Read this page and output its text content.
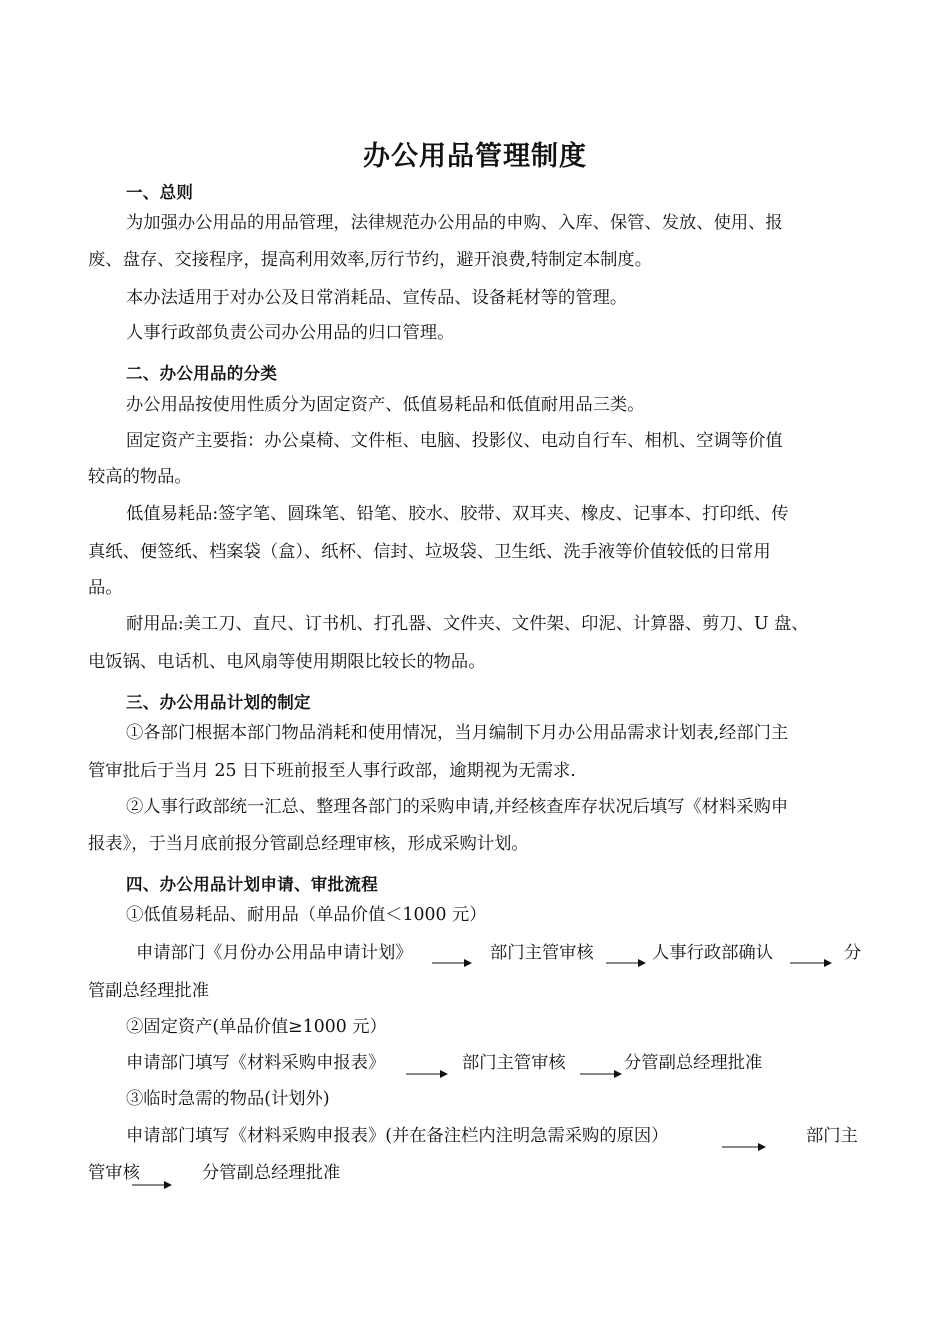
办公用品管理制度
一、总则
为加强办公用品的用品管理，法律规范办公用品的申购、入库、保管、发放、使用、报
废、盘存、交接程序，提高利用效率,厉行节约，避开浪费,特制定本制度。
本办法适用于对办公及日常消耗品、宣传品、设备耗材等的管理。
人事行政部负责公司办公用品的归口管理。
二、办公用品的分类
办公用品按使用性质分为固定资产、低值易耗品和低值耐用品三类。
固定资产主要指：办公桌椅、文件柜、电脑、投影仪、电动自行车、相机、空调等价值
较高的物品。
低值易耗品:签字笔、圆珠笔、铅笔、胶水、胶带、双耳夹、橡皮、记事本、打印纸、传
真纸、便签纸、档案袋（盒）、纸杯、信封、垃圾袋、卫生纸、洗手液等价值较低的日常用
品。
耐用品:美工刀、直尺、订书机、打孔器、文件夹、文件架、印泥、计算器、剪刀、U 盘、
电饭锅、电话机、电风扇等使用期限比较长的物品。
三、办公用品计划的制定
①各部门根据本部门物品消耗和使用情况，当月编制下月办公用品需求计划表,经部门主
管审批后于当月 25 日下班前报至人事行政部，逾期视为无需求.
②人事行政部统一汇总、整理各部门的采购申请,并经核查库存状况后填写《材料采购申
报表》，于当月底前报分管副总经理审核，形成采购计划。
四、办公用品计划申请、审批流程
①低值易耗品、耐用品（单品价值＜1000 元）
申请部门《月份办公用品申请计划》	部门主管审核	人事行政部确认	分
管副总经理批准
②固定资产(单品价值≥1000 元）
申请部门填写《材料采购申报表》	部门主管审核	分管副总经理批准
③临时急需的物品(计划外)
申请部门填写《材料采购申报表》(并在备注栏内注明急需采购的原因）	部门主
管审核	分管副总经理批准
